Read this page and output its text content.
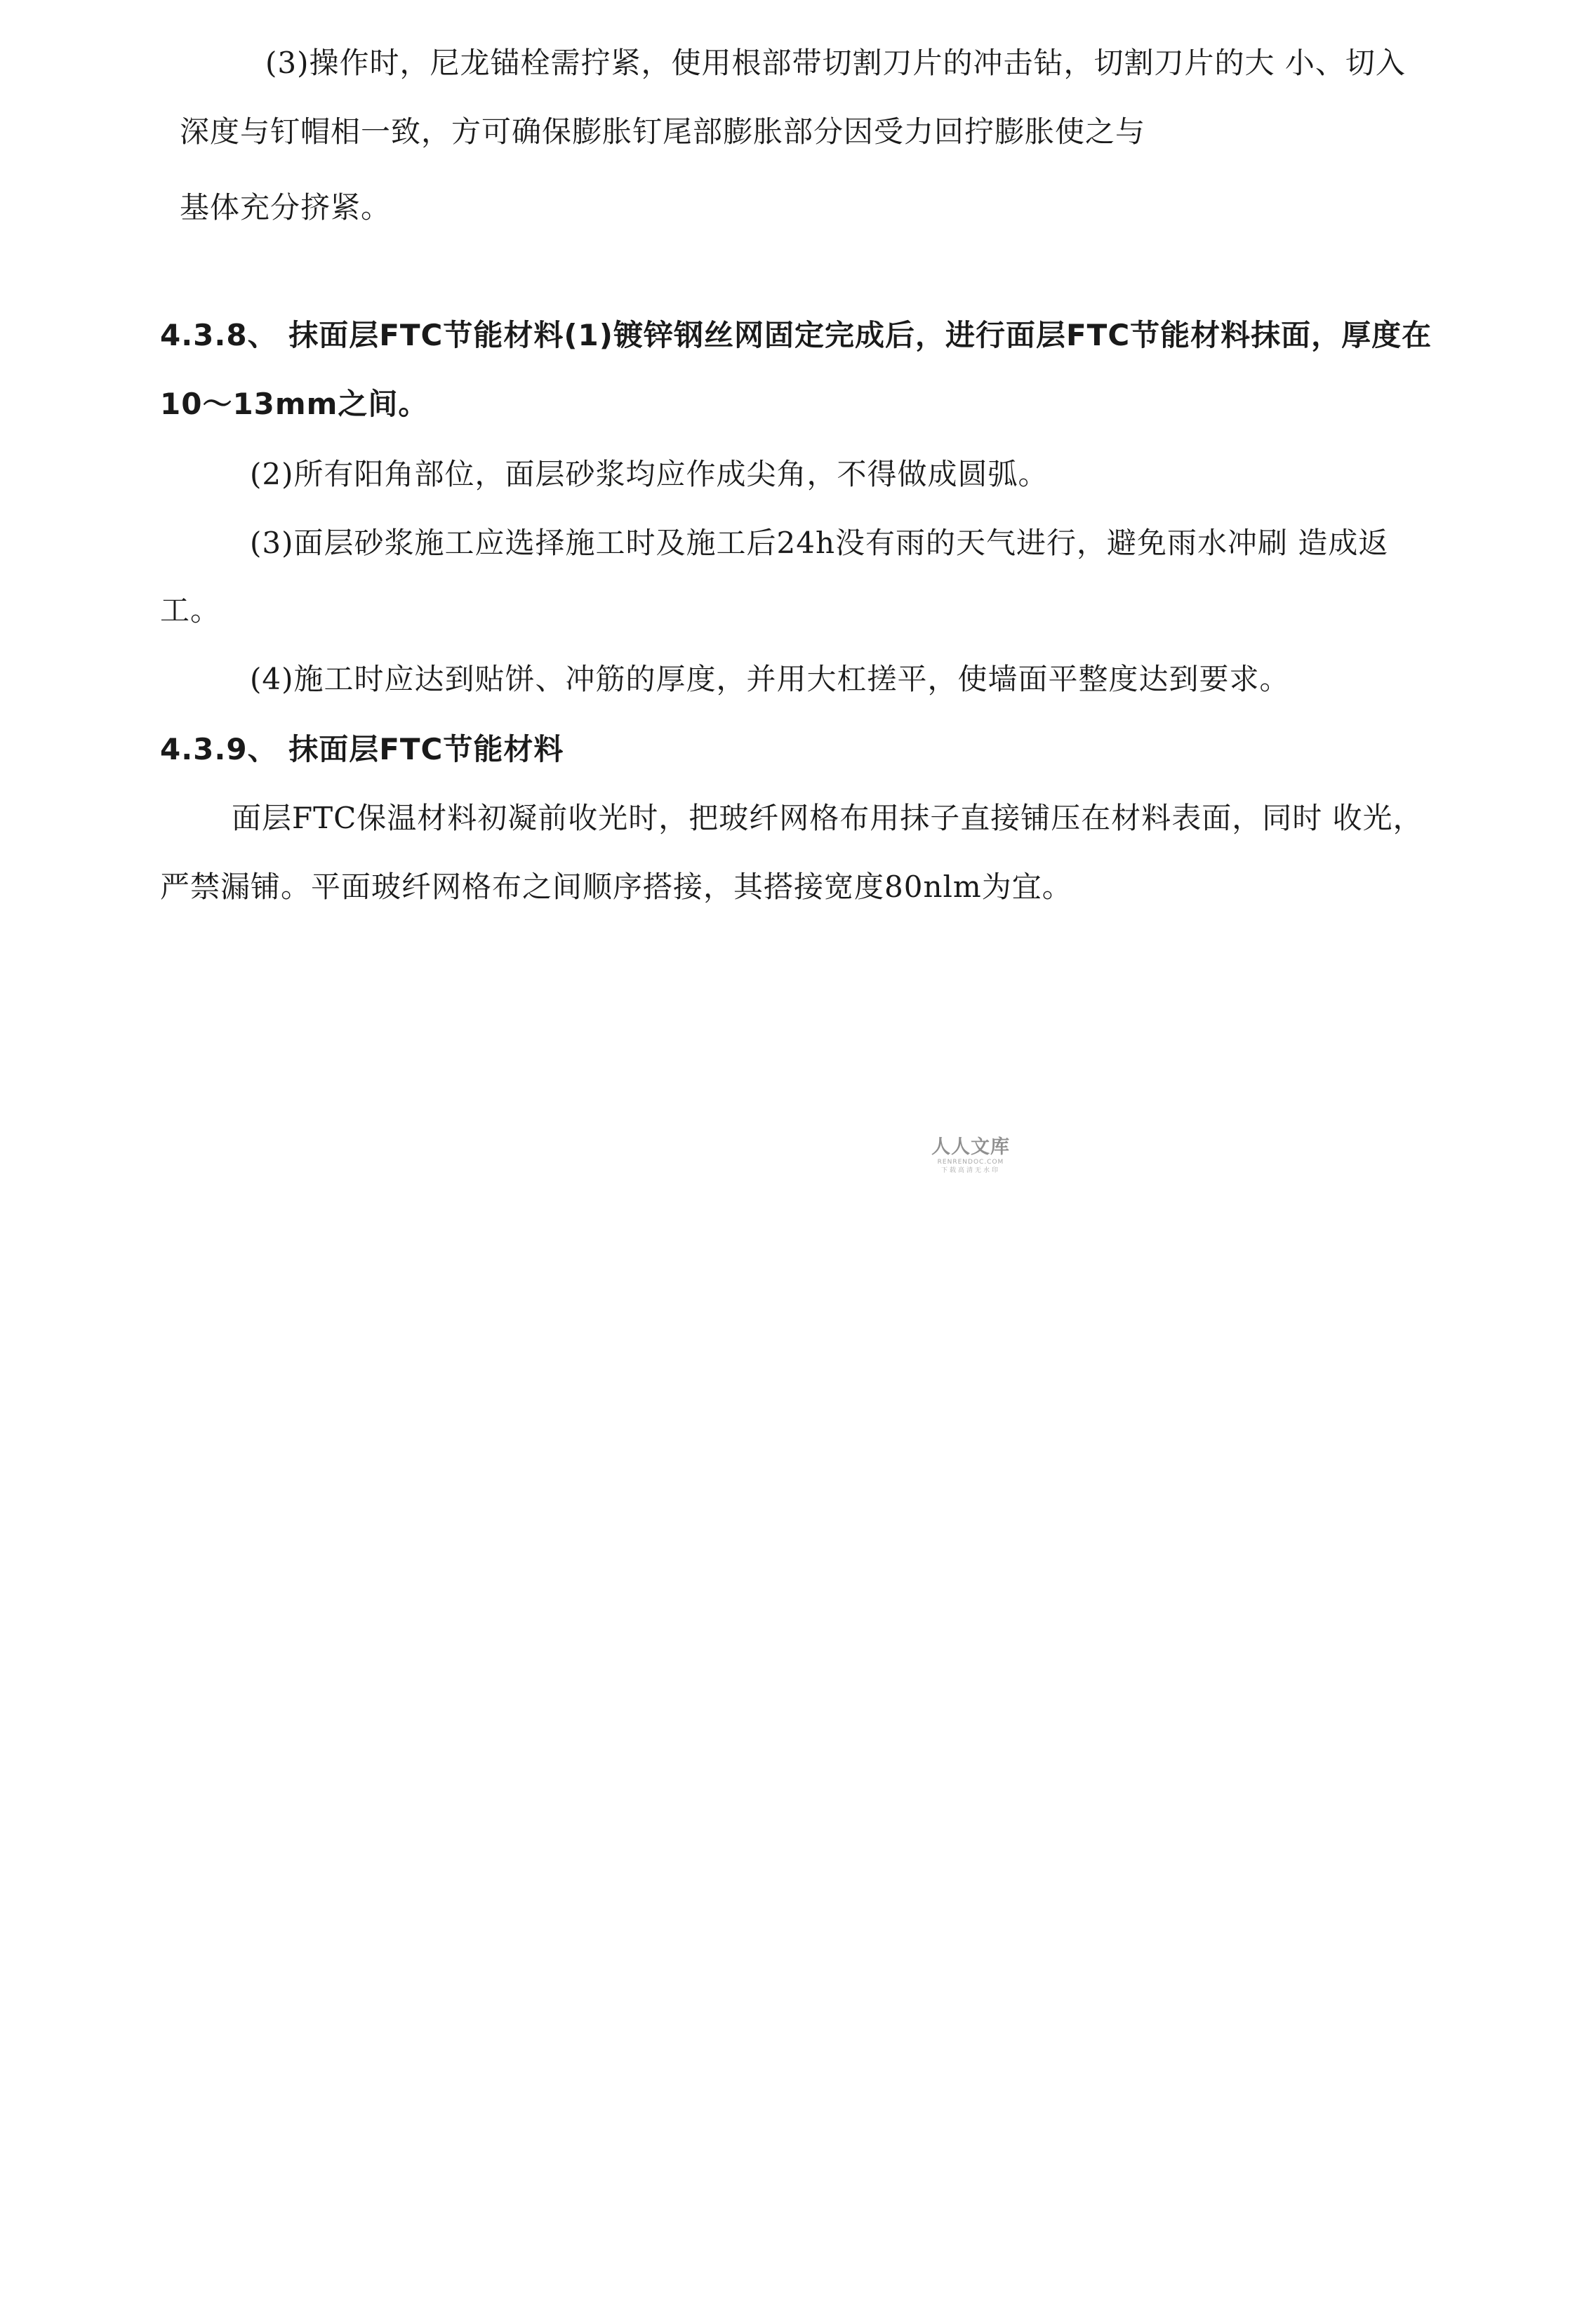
(3)操作时，尼龙锚栓需拧紧，使用根部带切割刀片的冲击钻，切割刀片的大 小、切入
深度与钉帽相一致，方可确保膨胀钉尾部膨胀部分因受力回拧膨胀使之与
基体充分挤紧。
4.3.8、 抹面层FTC节能材料(1)镀锌钢丝网固定完成后，进行面层FTC节能材料抹面，厚度在
10〜13mm之间。
(2)所有阳角部位，面层砂浆均应作成尖角，不得做成圆弧。
(3)面层砂浆施工应选择施工时及施工后24h没有雨的天气进行，避免雨水冲刷 造成返
工。
(4)施工时应达到贴饼、冲筋的厚度，并用大杠搓平，使墙面平整度达到要求。
4.3.9、 抹面层FTC节能材料
面层FTC保温材料初凝前收光时，把玻纤网格布用抹子直接铺压在材料表面，同时 收光，
严禁漏铺。平面玻纤网格布之间顺序搭接，其搭接宽度80nlm为宜。
人人文库
RENRENDOC.COM
下载高清无水印
